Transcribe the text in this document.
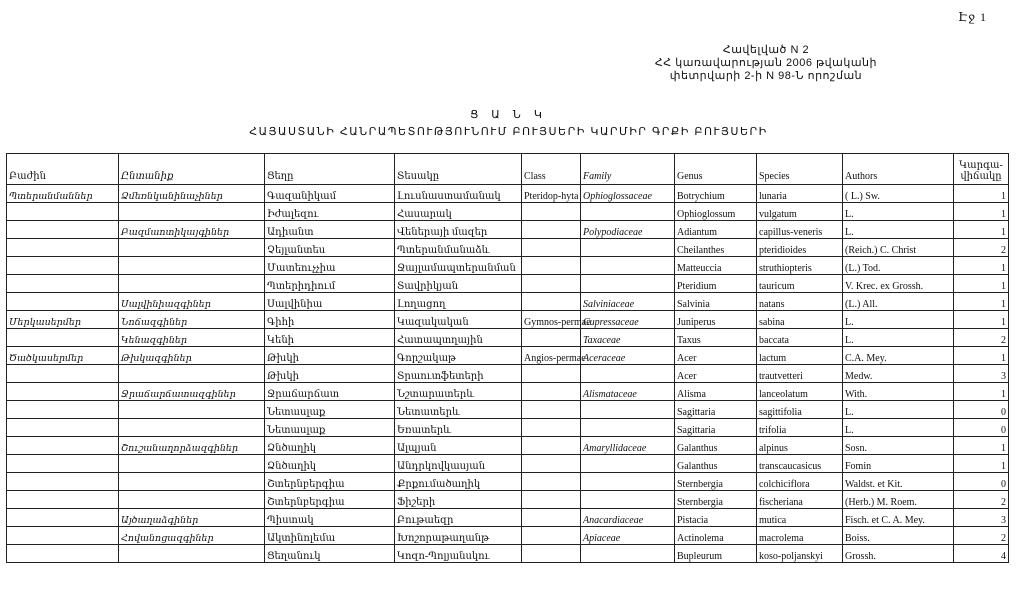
Էջ 1
Հավելված N 2
ՀՀ կառավարության 2006 թվականի
փետրվարի 2-ի N 98-Ն որոշման
Ց Ա Ն Կ
ՀԱՅԱՍՏԱՆԻ ՀԱՆՐԱՊԵՏՈՒԹՅՈՒՆՈՒՄ ԲՈՒՅՍԵՐԻ ԿԱՐՄԻՐ ԳՐՔԻ ԲՈՒՅՍԵՐԻ
Բաժին	Ընտանիք	Ցեղը	Տեսակը	Class	Family	Genus	Species	Authors	Կարգա- վիճակը
Պտերանմաններ	Ձմեռնկանինաչիներ	Գազանիկամ	Լուսնաստամանակ	Pteridop-hyta	Ophioglossaceae	Botrychium	lunaria	( L.) Sw.	1
		Իժալեզու	Հասարակ			Ophioglossum	vulgatum	L.	1
	Բազմաոտիկայգիներ	Ադիանտ	Վեներայի մազեր		Polypodiaceae	Adiantum	capillus-veneris	L.	1
		Չեյլանտես	Պտերանմանաձև			Cheilanthes	pteridioides	(Reich.) C. Christ	2
		Մատեուչչիա	Ջայլամապտերանման			Matteuccia	struthiopteris	(L.) Tod.	1
		Պտերիդիում	Տավրիկյան			Pteridium	tauricum	V. Krec. ex Grossh.	1
	Սալվինիազգիներ	Սալվինիա	Լողացող		Salviniaceae	Salvinia	natans	(L.) All.	1
Մերկասերմեր	Նոճազգիներ	Գիհի	Կազակական	Gymnos-permae	Cupressaceae	Juniperus	sabina	L.	1
	Կենազգիներ	Կենի	Հատապտղային		Taxaceae	Taxus	baccata	L.	2
Ծածկասերմեր	Թխկազգիներ	Թխկի	Գորշակաթ	Angios-permae	Aceraceae	Acer	lactum	C.A. Mey.	1
		Թխկի	Տրաուտֆետերի			Acer	trautvetteri	Medw.	3
	Ջրաճարճատազգիներ	Ջրաճարճատ	Նշտարատերև		Alismataceae	Alisma	lanceolatum	With.	1
		Նետասլաք	Նետատերև			Sagittaria	sagittifolia	L.	0
		Նետասլաք	Եռատերև			Sagittaria	trifolia	L.	0
	Շուշանաղորձազգիներ	Ձնծաղիկ	Ալպյան		Amaryllidaceae	Galanthus	alpinus	Sosn.	1
		Ձնծաղիկ	Անդրկովկասյան			Galanthus	transcaucasicus	Fomin	1
		Շտերնբերգիա	Քրքումածաղիկ			Sternbergia	colchiciflora	Waldst. et Kit.	0
		Շտերնբերգիա	Ֆիշերի			Sternbergia	fischeriana	(Herb.) M. Roem.	2
	Այծաղաձգիներ	Պիստակ	Բութաեզր		Anacardiaceae	Pistacia	mutica	Fisch. et C. A. Mey.	3
	Հովանոցազգիներ	Ակտինոլեմա	Խոշորաթաղանթ		Apiaceae	Actinolema	macrolema	Boiss.	2
		Ցեղանուկ	Կոզո-Պոլյանսկու			Bupleurum	koso-poljanskyi	Grossh.	4
